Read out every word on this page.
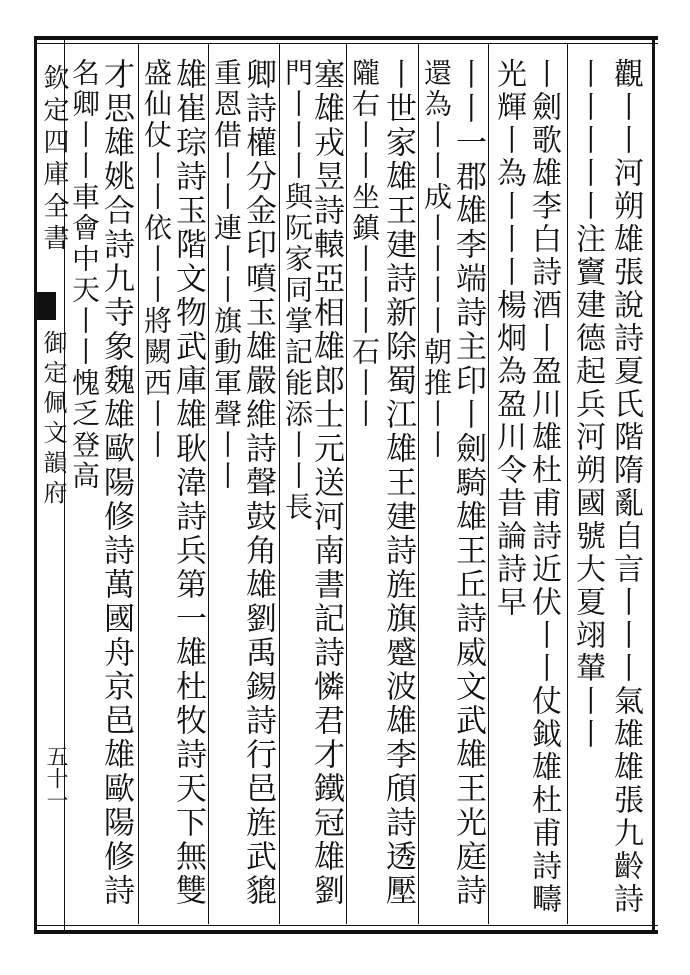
欽定四庫全書
御定佩文韻府
五十一	觀丨丨河朔雄張說詩夏氏階隋亂自言丨丨丨氣雄雄張九齡詩
丨丨丨丨丨注竇建德起兵河朔國號大夏翊輦丨丨
丨劍歌雄李白詩酒丨盈川雄杜甫詩近伏丨丨仗鉞雄杜甫詩疇
光輝丨為丨丨丨楊炯為盈川令昔論詩早
丨丨一郡雄李端詩主印丨劍騎雄王丘詩威文武雄王光庭詩
還為丨丨成丨丨丨丨朝推丨丨
丨世家雄王建詩新除蜀江雄王建詩旌旗蹙波雄李頎詩透壓
隴右丨丨坐鎮丨丨丨石丨丨
塞雄戎昱詩轅亞相雄郎士元送河南書記詩憐君才鐵冠雄劉
門丨丨丨與阮家同掌記能添丨丨長
卿詩權分金印噴玉雄嚴維詩聲鼓角雄劉禹錫詩行邑旌武貔
重恩借丨丨連丨丨旗動軍聲丨丨
雄崔琮詩玉階文物武庫雄耿湋詩兵第一雄杜牧詩天下無雙
盛仙仗丨丨依丨丨將闕西丨丨
才思雄姚合詩九寺象魏雄歐陽修詩萬國舟京邑雄歐陽修詩
名卿丨丨車會中天丨丨愧乏登高
